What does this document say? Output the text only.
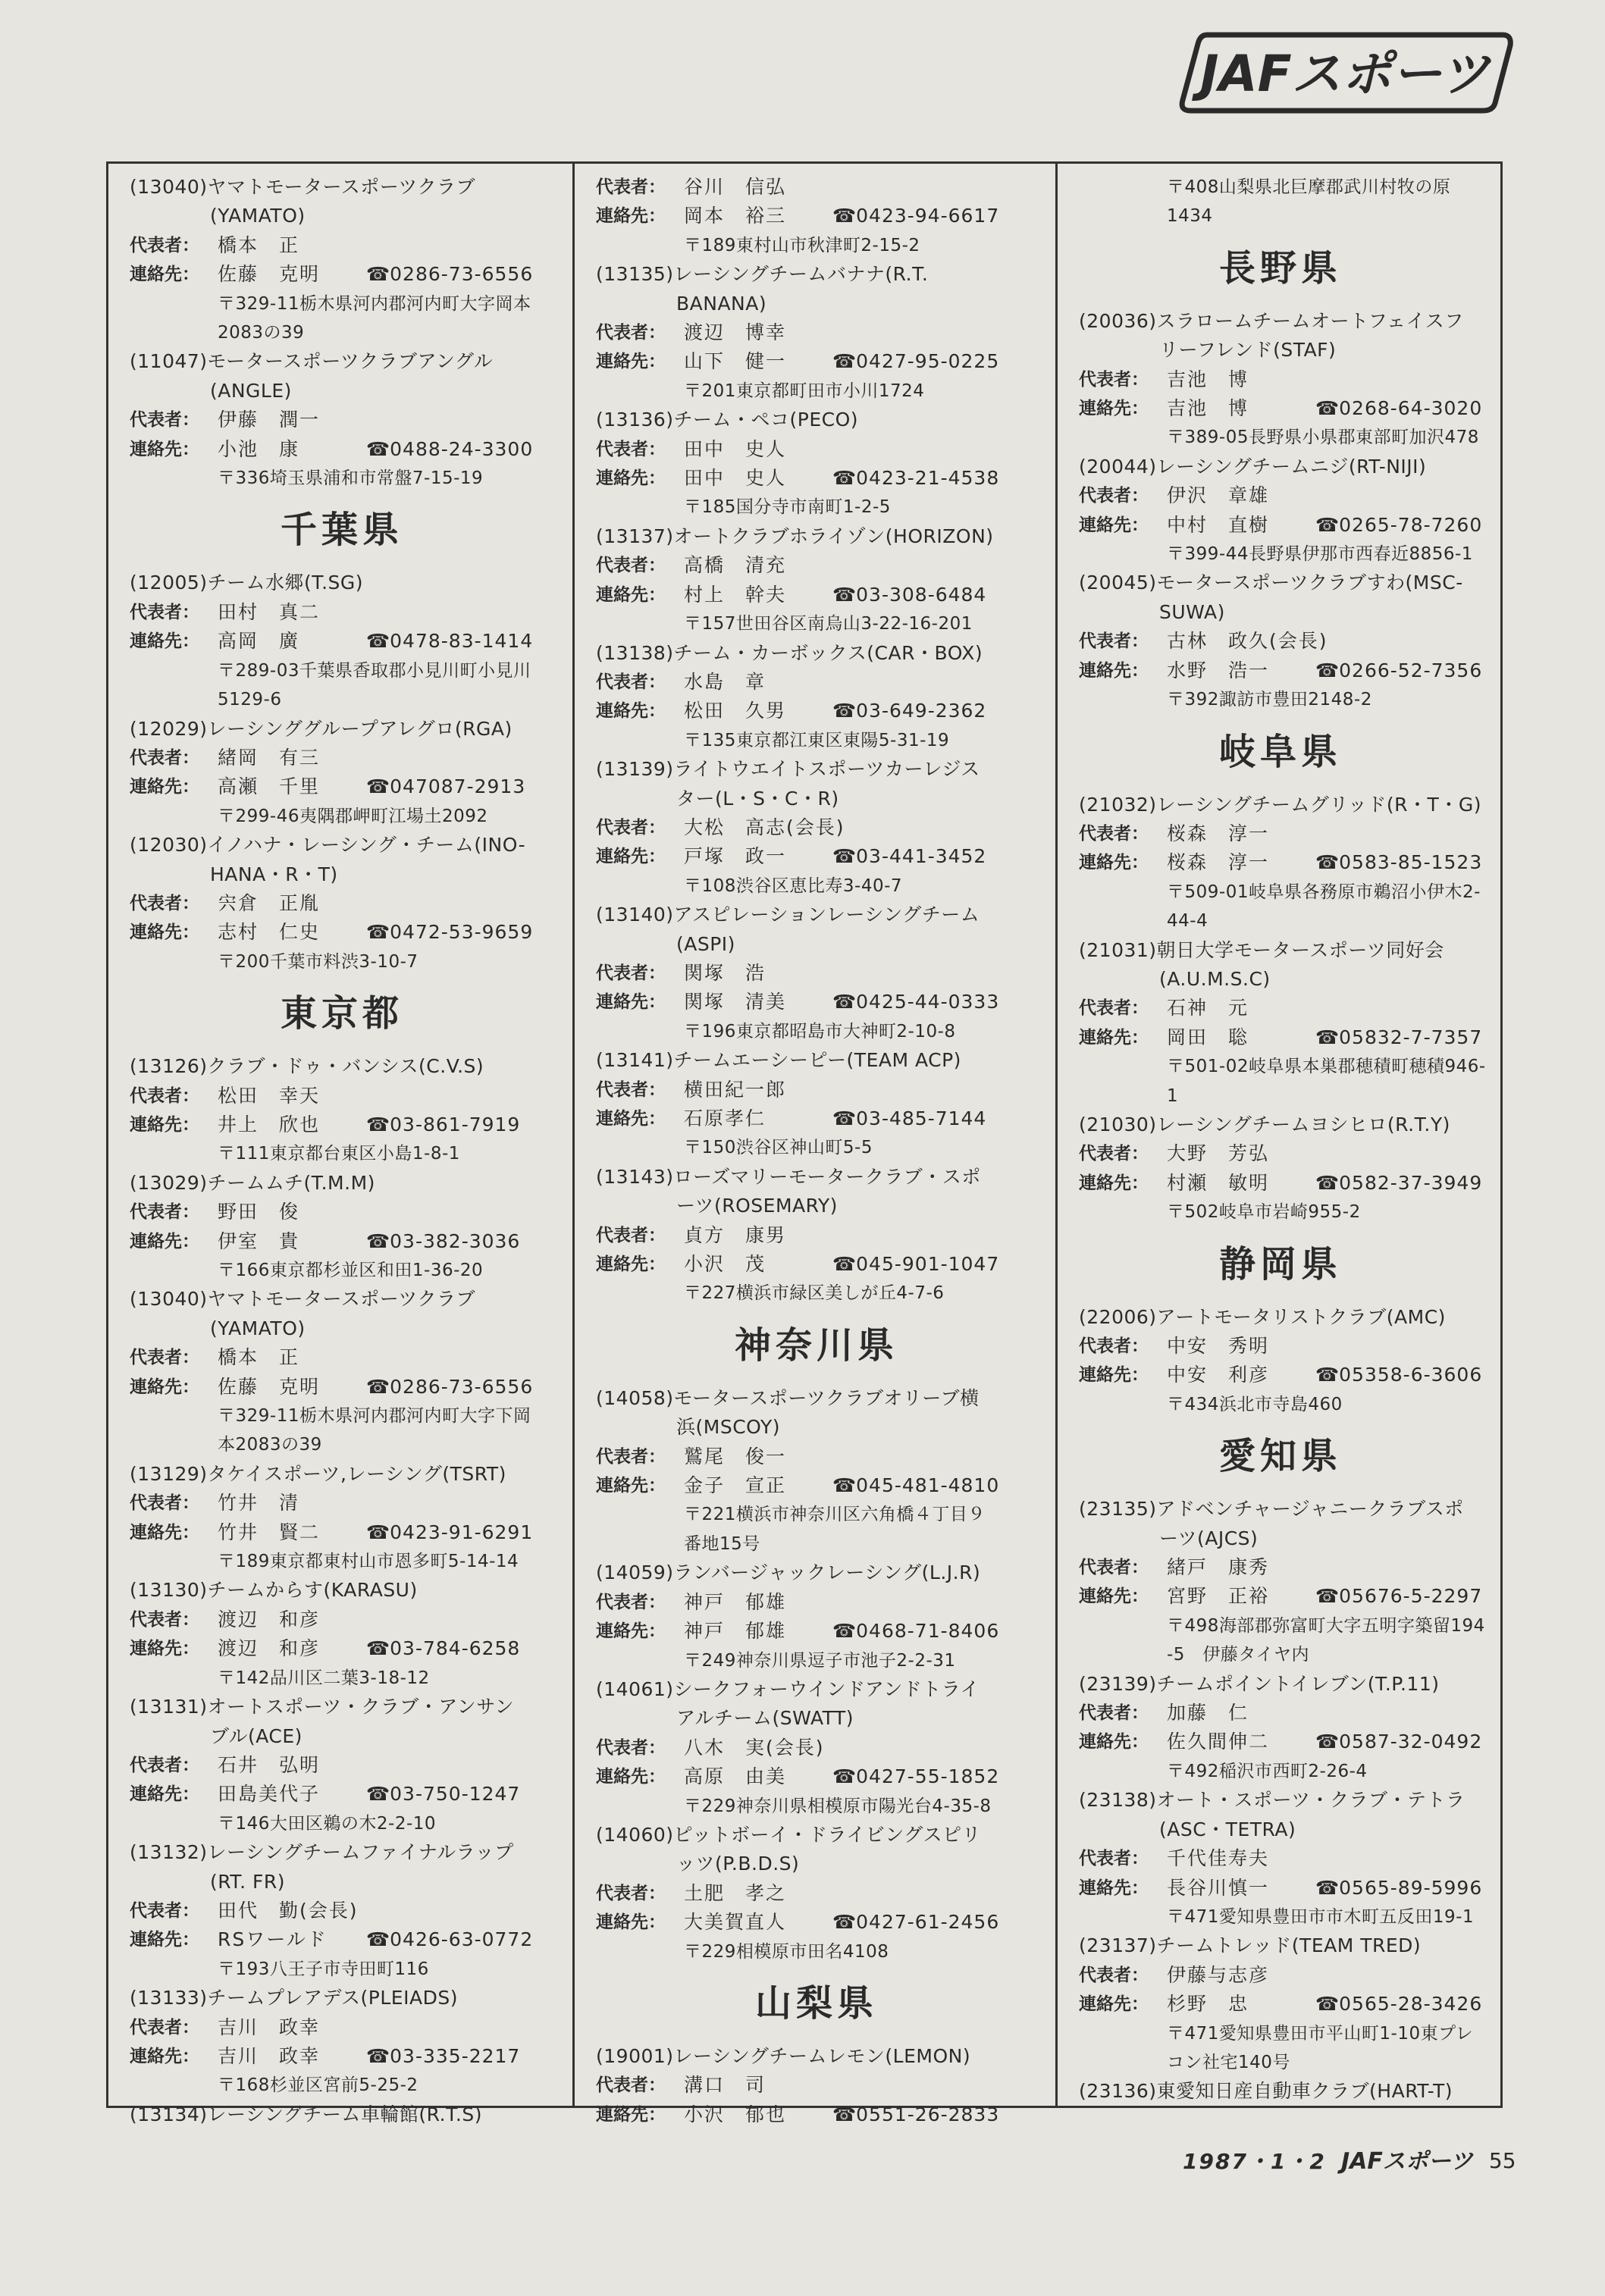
JAFスポーツ
(13040)ヤマトモータースポーツクラブ
(YAMATO)
代表者： 橋本　正
連絡先： 佐藤　克明	☎ 0286-73-6556
〒329-11栃木県河内郡河内町大字岡本
2083の39
(11047)モータースポーツクラブアングル
(ANGLE)
代表者： 伊藤　潤一
連絡先： 小池　康	☎ 0488-24-3300
〒336埼玉県浦和市常盤7-15-19
千葉県
(12005)チーム水郷(T.SG)
代表者： 田村　真二
連絡先： 高岡　廣	☎ 0478-83-1414
〒289-03千葉県香取郡小見川町小見川
5129-6
(12029)レーシンググループアレグロ(RGA)
代表者： 緒岡　有三
連絡先： 高瀬　千里	☎ 047087-2913
〒299-46夷隅郡岬町江場土2092
(12030)イノハナ・レーシング・チーム(INO-
HANA・R・T)
代表者： 宍倉　正胤
連絡先： 志村　仁史	☎ 0472-53-9659
〒200千葉市料渋3-10-7
東京都
(13126)クラブ・ドゥ・バンシス(C.V.S)
代表者： 松田　幸天
連絡先： 井上　欣也	☎ 03-861-7919
〒111東京都台東区小島1-8-1
(13029)チームムチ(T.M.M)
代表者： 野田　俊
連絡先： 伊室　貴	☎ 03-382-3036
〒166東京都杉並区和田1-36-20
(13040)ヤマトモータースポーツクラブ
(YAMATO)
代表者： 橋本　正
連絡先： 佐藤　克明	☎ 0286-73-6556
〒329-11栃木県河内郡河内町大字下岡
本2083の39
(13129)タケイスポーツ,レーシング(TSRT)
代表者： 竹井　清
連絡先： 竹井　賢二	☎ 0423-91-6291
〒189東京都東村山市恩多町5-14-14
(13130)チームからす(KARASU)
代表者： 渡辺　和彦
連絡先： 渡辺　和彦	☎ 03-784-6258
〒142品川区二葉3-18-12
(13131)オートスポーツ・クラブ・アンサン
ブル(ACE)
代表者： 石井　弘明
連絡先： 田島美代子	☎ 03-750-1247
〒146大田区鵜の木2-2-10
(13132)レーシングチームファイナルラップ
(RT. FR)
代表者： 田代　勤(会長)
連絡先： RSワールド	☎ 0426-63-0772
〒193八王子市寺田町116
(13133)チームプレアデス(PLEIADS)
代表者： 吉川　政幸
連絡先： 吉川　政幸	☎ 03-335-2217
〒168杉並区宮前5-25-2
(13134)レーシングチーム車輪館(R.T.S)
代表者： 谷川　信弘
連絡先： 岡本　裕三	☎ 0423-94-6617
〒189東村山市秋津町2-15-2
(13135)レーシングチームバナナ(R.T.
BANANA)
代表者： 渡辺　博幸
連絡先： 山下　健一	☎ 0427-95-0225
〒201東京都町田市小川1724
(13136)チーム・ペコ(PECO)
代表者： 田中　史人
連絡先： 田中　史人	☎ 0423-21-4538
〒185国分寺市南町1-2-5
(13137)オートクラブホライゾン(HORIZON)
代表者： 高橋　清充
連絡先： 村上　幹夫	☎ 03-308-6484
〒157世田谷区南烏山3-22-16-201
(13138)チーム・カーボックス(CAR・BOX)
代表者： 水島　章
連絡先： 松田　久男	☎ 03-649-2362
〒135東京都江東区東陽5-31-19
(13139)ライトウエイトスポーツカーレジス
ター(L・S・C・R)
代表者： 大松　高志(会長)
連絡先： 戸塚　政一	☎ 03-441-3452
〒108渋谷区恵比寿3-40-7
(13140)アスピレーションレーシングチーム
(ASPI)
代表者： 関塚　浩
連絡先： 関塚　清美	☎ 0425-44-0333
〒196東京都昭島市大神町2-10-8
(13141)チームエーシーピー(TEAM ACP)
代表者： 横田紀一郎
連絡先： 石原孝仁	☎ 03-485-7144
〒150渋谷区神山町5-5
(13143)ローズマリーモータークラブ・スポ
ーツ(ROSEMARY)
代表者： 貞方　康男
連絡先： 小沢　茂	☎ 045-901-1047
〒227横浜市緑区美しが丘4-7-6
神奈川県
(14058)モータースポーツクラブオリーブ横
浜(MSCOY)
代表者： 鷲尾　俊一
連絡先： 金子　宣正	☎ 045-481-4810
〒221横浜市神奈川区六角橋４丁目９
番地15号
(14059)ランバージャックレーシング(L.J.R)
代表者： 神戸　郁雄
連絡先： 神戸　郁雄	☎ 0468-71-8406
〒249神奈川県逗子市池子2-2-31
(14061)シークフォーウインドアンドトライ
アルチーム(SWATT)
代表者： 八木　実(会長)
連絡先： 高原　由美	☎ 0427-55-1852
〒229神奈川県相模原市陽光台4-35-8
(14060)ピットボーイ・ドライビングスピリ
ッツ(P.B.D.S)
代表者： 土肥　孝之
連絡先： 大美賀直人	☎ 0427-61-2456
〒229相模原市田名4108
山梨県
(19001)レーシングチームレモン(LEMON)
代表者： 溝口　司
連絡先： 小沢　郁也	☎ 0551-26-2833
〒408山梨県北巨摩郡武川村牧の原
1434
長野県
(20036)スラロームチームオートフェイスフ
リーフレンド(STAF)
代表者： 吉池　博
連絡先： 吉池　博	☎ 0268-64-3020
〒389-05長野県小県郡東部町加沢478
(20044)レーシングチームニジ(RT-NIJI)
代表者： 伊沢　章雄
連絡先： 中村　直樹	☎ 0265-78-7260
〒399-44長野県伊那市西春近8856-1
(20045)モータースポーツクラブすわ(MSC-
SUWA)
代表者： 古林　政久(会長)
連絡先： 水野　浩一	☎ 0266-52-7356
〒392諏訪市豊田2148-2
岐阜県
(21032)レーシングチームグリッド(R・T・G)
代表者： 桜森　淳一
連絡先： 桜森　淳一	☎ 0583-85-1523
〒509-01岐阜県各務原市鵜沼小伊木2-
44-4
(21031)朝日大学モータースポーツ同好会
(A.U.M.S.C)
代表者： 石神　元
連絡先： 岡田　聡	☎ 05832-7-7357
〒501-02岐阜県本巣郡穂積町穂積946-
1
(21030)レーシングチームヨシヒロ(R.T.Y)
代表者： 大野　芳弘
連絡先： 村瀬　敏明	☎ 0582-37-3949
〒502岐阜市岩崎955-2
静岡県
(22006)アートモータリストクラブ(AMC)
代表者： 中安　秀明
連絡先： 中安　利彦	☎ 05358-6-3606
〒434浜北市寺島460
愛知県
(23135)アドベンチャージャニークラブスポ
ーツ(AJCS)
代表者： 緒戸　康秀
連絡先： 宮野　正裕	☎ 05676-5-2297
〒498海部郡弥富町大字五明字築留194
-5　伊藤タイヤ内
(23139)チームポイントイレブン(T.P.11)
代表者： 加藤　仁
連絡先： 佐久間伸二	☎ 0587-32-0492
〒492稲沢市西町2-26-4
(23138)オート・スポーツ・クラブ・テトラ
(ASC・TETRA)
代表者： 千代佳寿夫
連絡先： 長谷川慎一	☎ 0565-89-5996
〒471愛知県豊田市市木町五反田19-1
(23137)チームトレッド(TEAM TRED)
代表者： 伊藤与志彦
連絡先： 杉野　忠	☎ 0565-28-3426
〒471愛知県豊田市平山町1-10東プレ
コン社宅140号
(23136)東愛知日産自動車クラブ(HART-T)
1987・1・2 JAFスポーツ 55
